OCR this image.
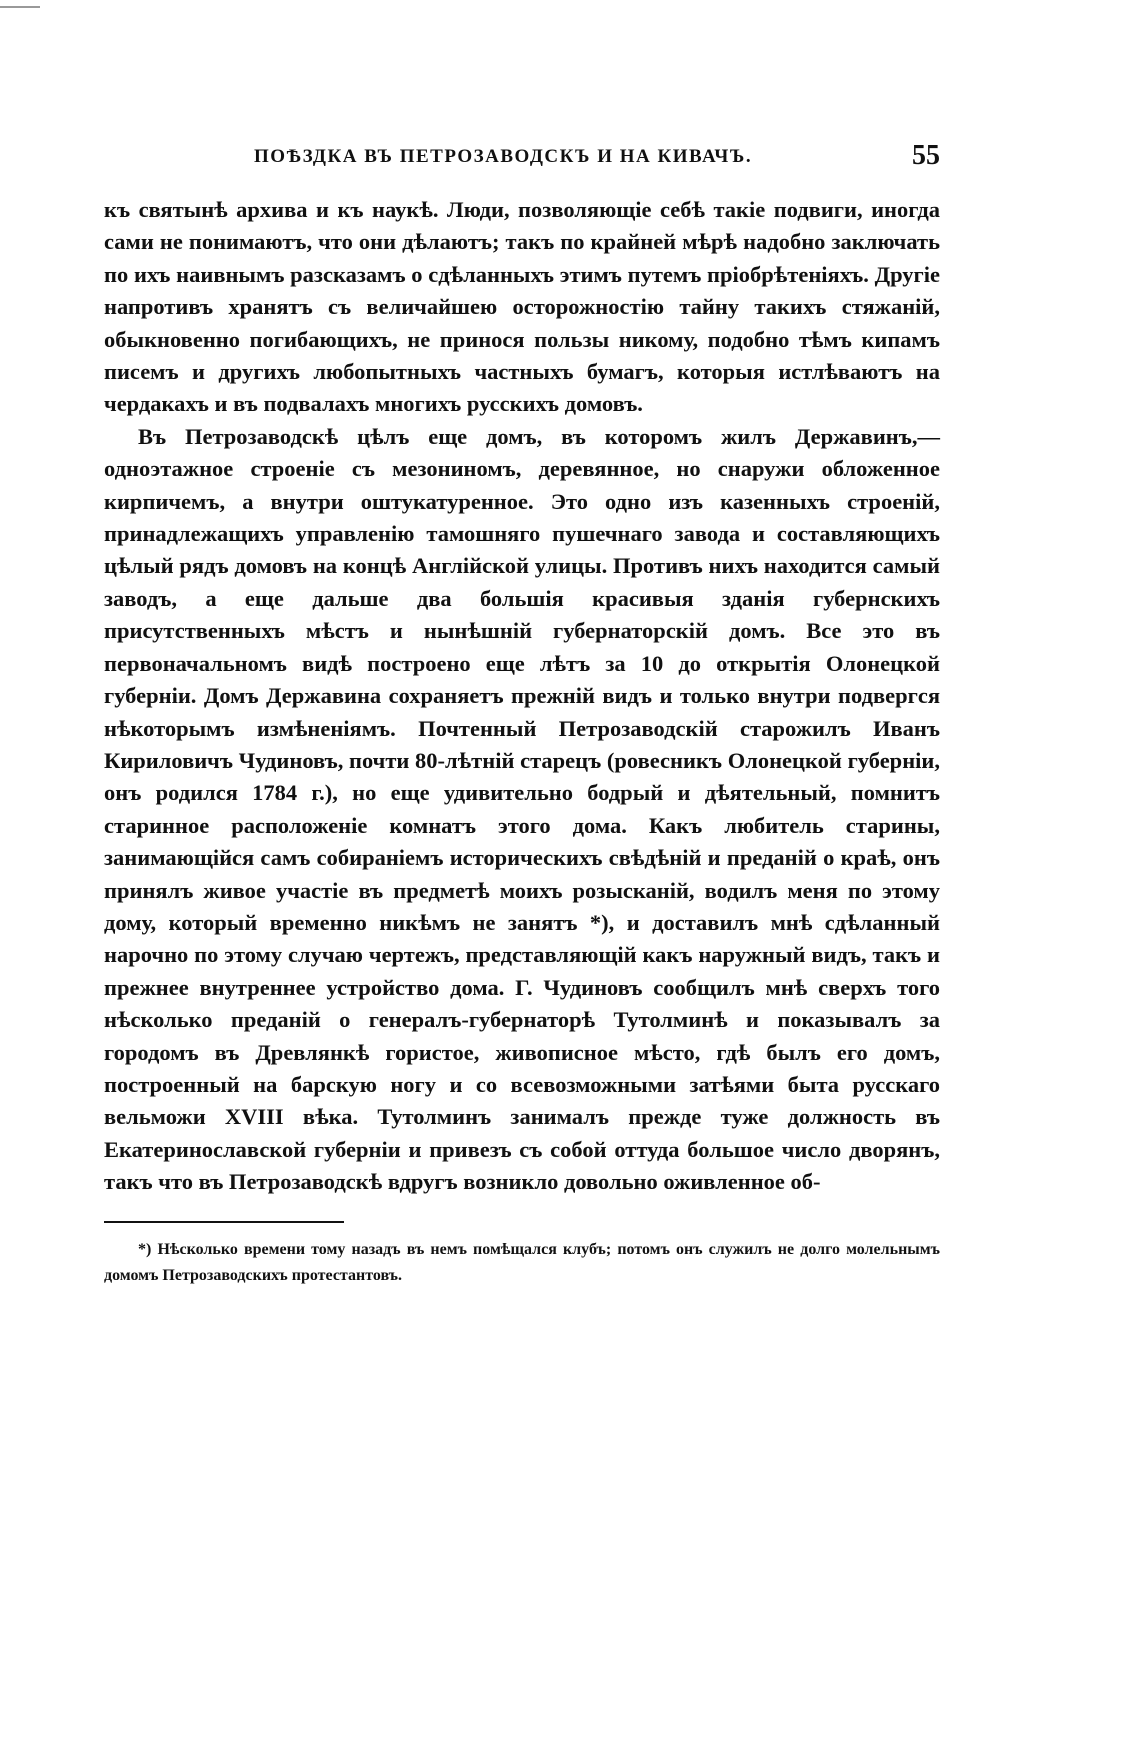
ПОѢЗДКА ВЪ ПЕТРОЗАВОДСКЪ И НА КИВАЧЪ.	55

къ святынѣ архива и къ наукѣ. Люди, позволяющіе себѣ такіе подвиги, иногда сами не понимаютъ, что они дѣлаютъ; такъ по крайней мѣрѣ надобно заключать по ихъ наивнымъ разсказамъ о сдѣланныхъ этимъ путемъ пріобрѣтеніяхъ. Другіе напротивъ хранятъ съ величайшею осторожностію тайну такихъ стяжаній, обыкновенно погибающихъ, не принося пользы никому, подобно тѣмъ кипамъ писемъ и другихъ любопытныхъ частныхъ бумагъ, которыя истлѣваютъ на чердакахъ и въ подвалахъ многихъ русскихъ домовъ.

Въ Петрозаводскѣ цѣлъ еще домъ, въ которомъ жилъ Державинъ,— одноэтажное строеніе съ мезониномъ, деревянное, но снаружи обложенное кирпичемъ, а внутри оштукатуренное. Это одно изъ казенныхъ строеній, принадлежащихъ управленію тамошняго пушечнаго завода и составляющихъ цѣлый рядъ домовъ на концѣ Англійской улицы. Противъ нихъ находится самый заводъ, а еще дальше два большія красивыя зданія губернскихъ присутственныхъ мѣстъ и нынѣшній губернаторскій домъ. Все это въ первоначальномъ видѣ построено еще лѣтъ за 10 до открытія Олонецкой губерніи. Домъ Державина сохраняетъ прежній видъ и только внутри подвергся нѣкоторымъ измѣненіямъ. Почтенный Петрозаводскій старожилъ Иванъ Кириловичъ Чудиновъ, почти 80-лѣтній старецъ (ровесникъ Олонецкой губерніи, онъ родился 1784 г.), но еще удивительно бодрый и дѣятельный, помнитъ старинное расположеніе комнатъ этого дома. Какъ любитель старины, занимающійся самъ собираніемъ историческихъ свѣдѣній и преданій о краѣ, онъ принялъ живое участіе въ предметѣ моихъ розысканій, водилъ меня по этому дому, который временно никѣмъ не занятъ *), и доставилъ мнѣ сдѣланный нарочно по этому случаю чертежъ, представляющій какъ наружный видъ, такъ и прежнее внутреннее устройство дома. Г. Чудиновъ сообщилъ мнѣ сверхъ того нѣсколько преданій о генералъ-губернаторѣ Тутолминѣ и показывалъ за городомъ въ Древлянкѣ гористое, живописное мѣсто, гдѣ былъ его домъ, построенный на барскую ногу и со всевозможными затѣями быта русскаго вельможи XVIII вѣка. Тутолминъ занималъ прежде туже должность въ Екатеринославской губерніи и привезъ съ собой оттуда большое число дворянъ, такъ что въ Петрозаводскѣ вдругъ возникло довольно оживленное об-

*) Нѣсколько времени тому назадъ въ немъ помѣщался клубъ; потомъ онъ служилъ не долго молельнымъ домомъ Петрозаводскихъ протестантовъ.
